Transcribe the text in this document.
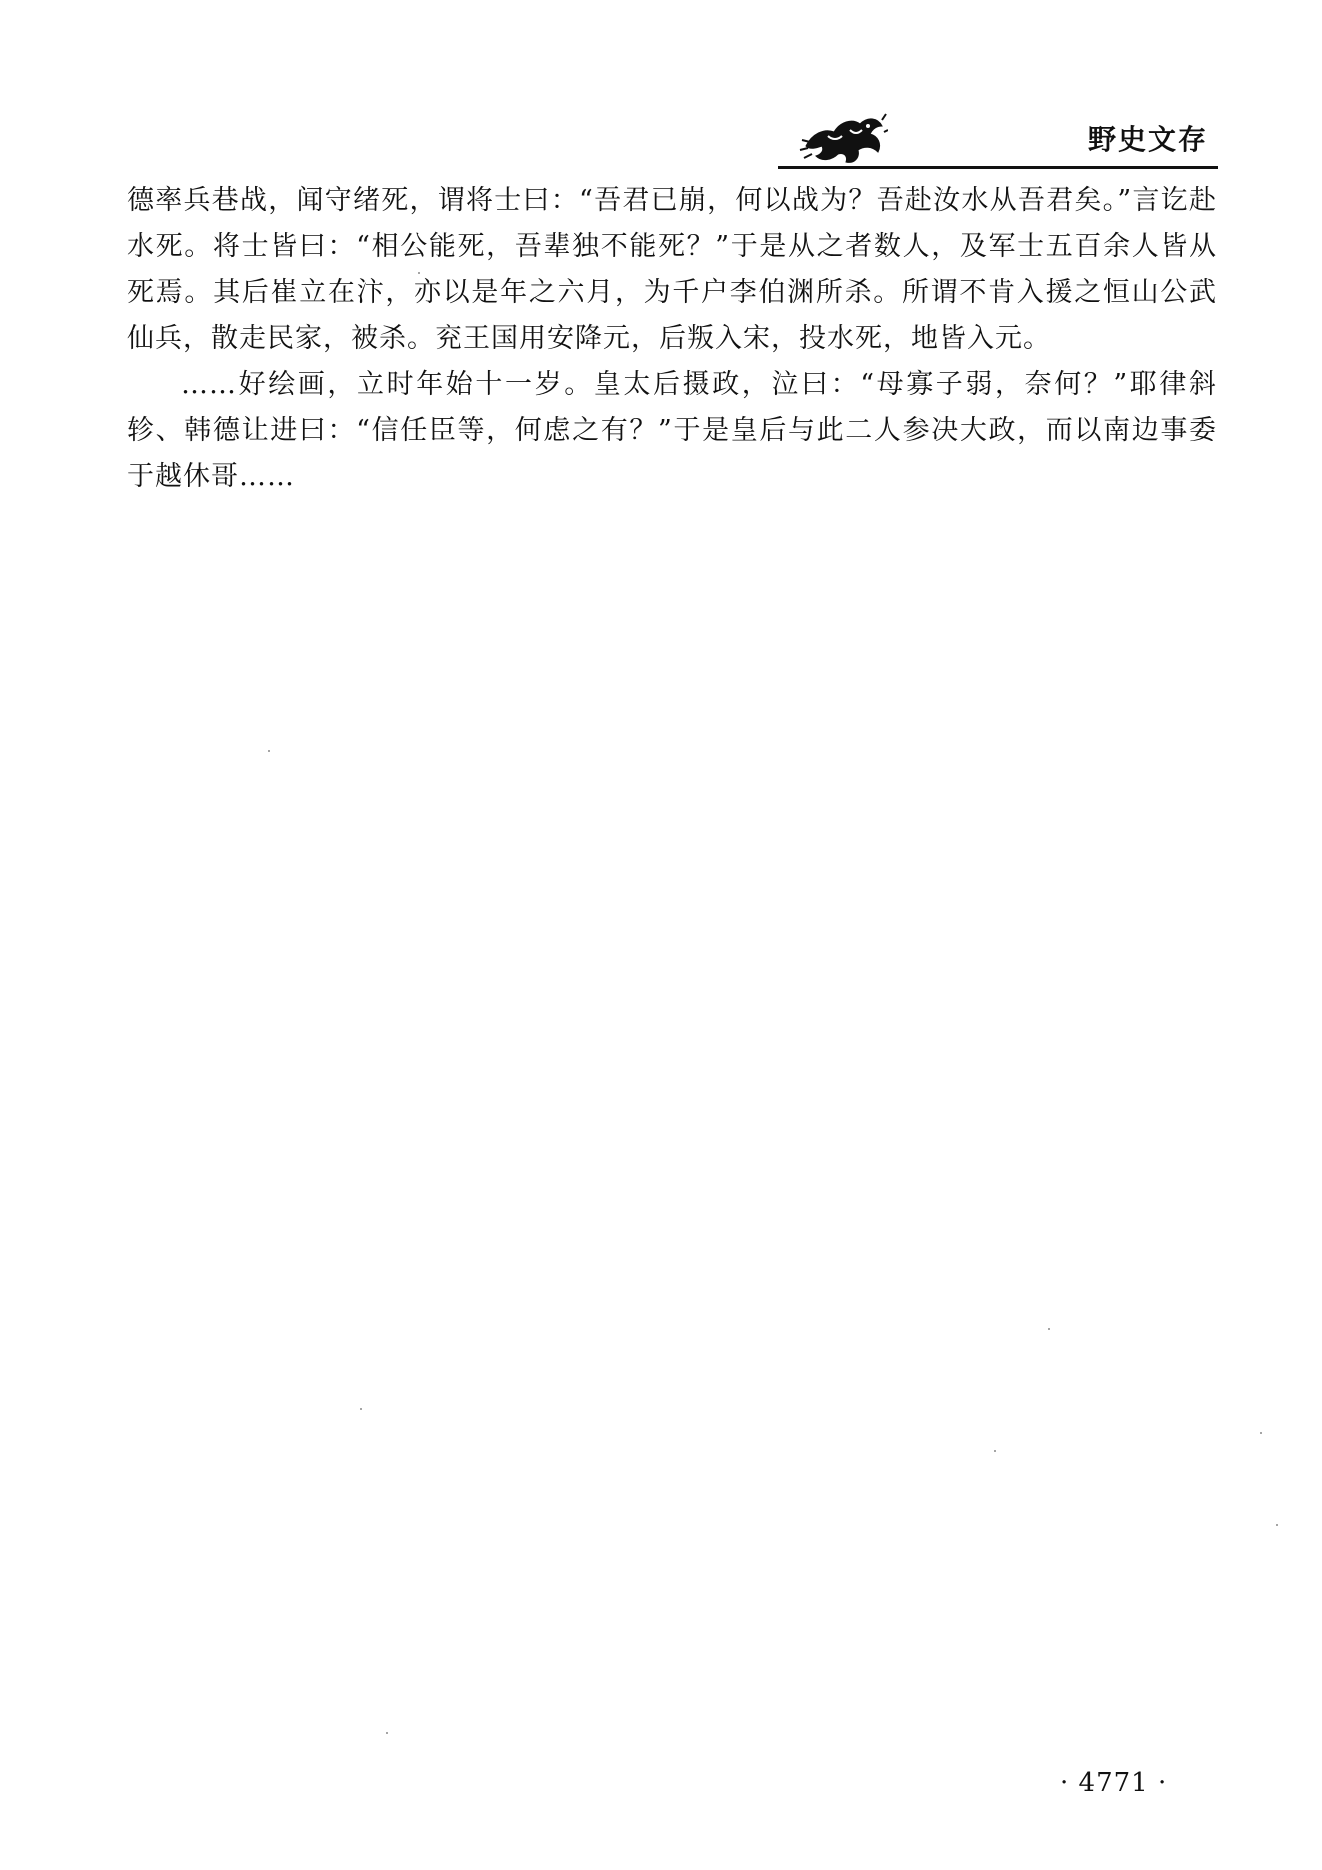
野史文存

德率兵巷战，闻守绪死，谓将士曰：“吾君已崩，何以战为？吾赴汝水从吾君矣。”言讫赴水死。将士皆曰：“相公能死，吾辈独不能死？”于是从之者数人，及军士五百余人皆从死焉。其后崔立在汴，亦以是年之六月，为千户李伯渊所杀。所谓不肯入援之恒山公武仙兵，散走民家，被杀。兖王国用安降元，后叛入宋，投水死，地皆入元。

……好绘画，立时年始十一岁。皇太后摄政，泣曰：“母寡子弱，奈何？”耶律斜轸、韩德让进曰：“信任臣等，何虑之有？”于是皇后与此二人参决大政，而以南边事委于越休哥……

· 4771 ·
